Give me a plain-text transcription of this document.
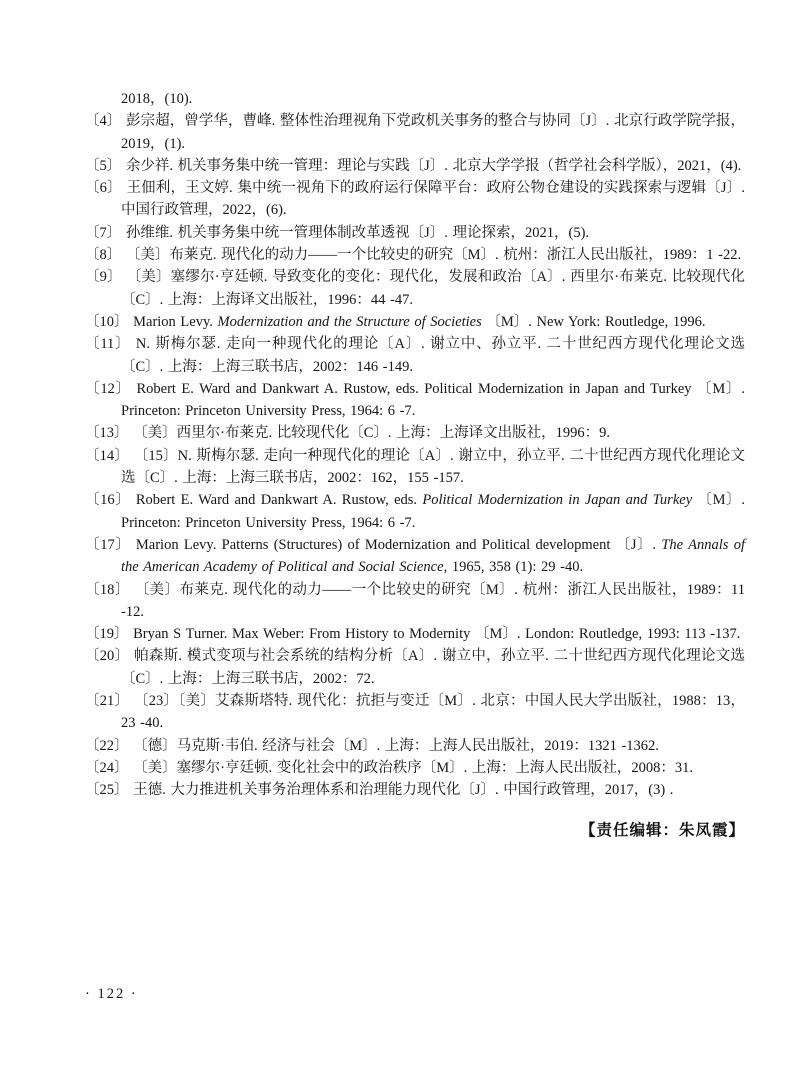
2018，(10).
〔4〕 彭宗超，曾学华，曹峰. 整体性治理视角下党政机关事务的整合与协同〔J〕. 北京行政学院学报，2019，(1).
〔5〕 余少祥. 机关事务集中统一管理：理论与实践〔J〕. 北京大学学报（哲学社会科学版），2021，(4).
〔6〕 王佃利，王文婷. 集中统一视角下的政府运行保障平台：政府公物仓建设的实践探索与逻辑〔J〕. 中国行政管理，2022，(6).
〔7〕 孙维维. 机关事务集中统一管理体制改革透视〔J〕. 理论探索，2021，(5).
〔8〕 〔美〕布莱克. 现代化的动力——一个比较史的研究〔M〕. 杭州：浙江人民出版社，1989：1 -22.
〔9〕 〔美〕塞缪尔·亨廷顿. 导致变化的变化：现代化，发展和政治〔A〕. 西里尔·布莱克. 比较现代化〔C〕. 上海：上海译文出版社，1996：44 -47.
〔10〕 Marion Levy. Modernization and the Structure of Societies 〔M〕. New York: Routledge, 1996.
〔11〕 N. 斯梅尔瑟. 走向一种现代化的理论〔A〕. 谢立中、孙立平. 二十世纪西方现代化理论文选〔C〕. 上海：上海三联书店，2002：146 -149.
〔12〕 Robert E. Ward and Dankwart A. Rustow, eds. Political Modernization in Japan and Turkey 〔M〕. Princeton: Princeton University Press, 1964: 6 -7.
〔13〕 〔美〕西里尔·布莱克. 比较现代化〔C〕. 上海：上海译文出版社，1996：9.
〔14〕 〔15〕N. 斯梅尔瑟. 走向一种现代化的理论〔A〕. 谢立中，孙立平. 二十世纪西方现代化理论文选〔C〕. 上海：上海三联书店，2002：162，155 -157.
〔16〕 Robert E. Ward and Dankwart A. Rustow, eds. Political Modernization in Japan and Turkey 〔M〕. Princeton: Princeton University Press, 1964: 6 -7.
〔17〕 Marion Levy. Patterns (Structures) of Modernization and Political development 〔J〕. The Annals of the American Academy of Political and Social Science, 1965, 358 (1): 29 -40.
〔18〕 〔美〕布莱克. 现代化的动力——一个比较史的研究〔M〕. 杭州：浙江人民出版社，1989：11 -12.
〔19〕 Bryan S Turner. Max Weber: From History to Modernity 〔M〕. London: Routledge, 1993: 113 -137.
〔20〕 帕森斯. 模式变项与社会系统的结构分析〔A〕. 谢立中，孙立平. 二十世纪西方现代化理论文选〔C〕. 上海：上海三联书店，2002：72.
〔21〕 〔23〕〔美〕艾森斯塔特. 现代化：抗拒与变迁〔M〕. 北京：中国人民大学出版社，1988：13，23 -40.
〔22〕 〔德〕马克斯·韦伯. 经济与社会〔M〕. 上海：上海人民出版社，2019：1321 -1362.
〔24〕 〔美〕塞缪尔·亨廷顿. 变化社会中的政治秩序〔M〕. 上海：上海人民出版社，2008：31.
〔25〕 王德. 大力推进机关事务治理体系和治理能力现代化〔J〕. 中国行政管理，2017，(3) .
【责任编辑：朱凤霞】
· 122 ·
